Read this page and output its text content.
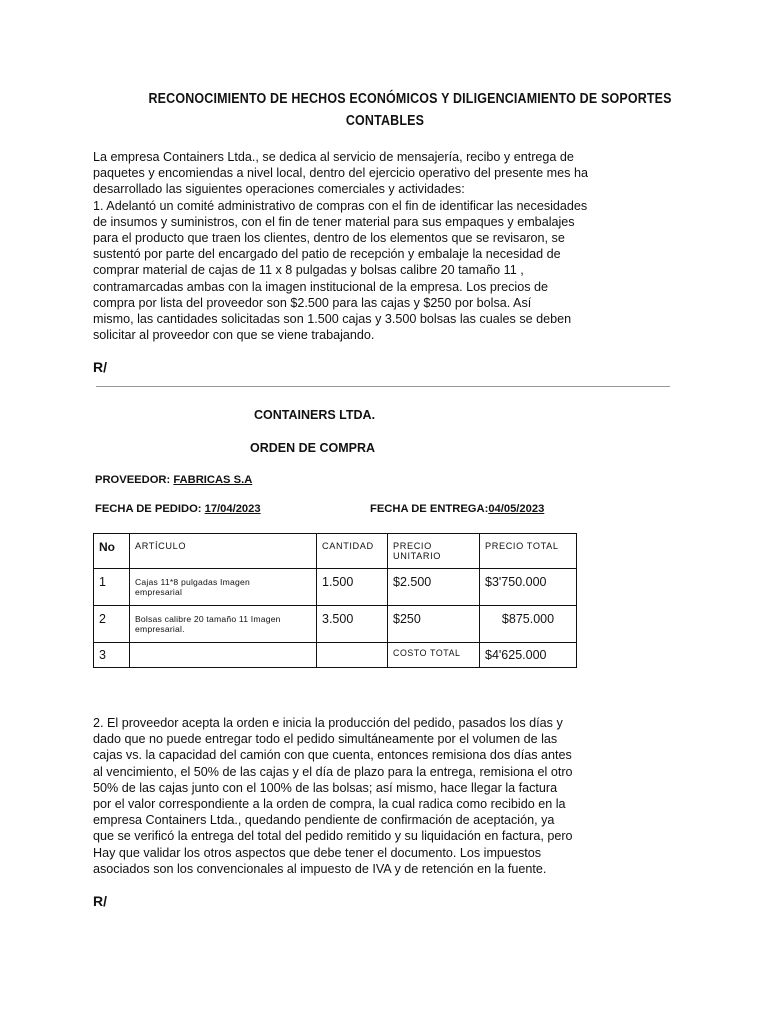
RECONOCIMIENTO DE HECHOS ECONÓMICOS Y DILIGENCIAMIENTO DE SOPORTES
CONTABLES
La empresa Containers Ltda., se dedica al servicio de mensajería, recibo y entrega de
paquetes y encomiendas a nivel local, dentro del ejercicio operativo del presente mes ha
desarrollado las siguientes operaciones comerciales y actividades:
1. Adelantó un comité administrativo de compras con el fin de identificar las necesidades
de insumos y suministros, con el fin de tener material para sus empaques y embalajes
para el producto que traen los clientes, dentro de los elementos que se revisaron, se
sustentó por parte del encargado del patio de recepción y embalaje la necesidad de
comprar material de cajas de 11 x 8 pulgadas y bolsas calibre 20 tamaño 11 ,
contramarcadas ambas con la imagen institucional de la empresa. Los precios de
compra por lista del proveedor son $2.500 para las cajas y $250 por bolsa. Así
mismo, las cantidades solicitadas son 1.500 cajas y 3.500 bolsas las cuales se deben
solicitar al proveedor con que se viene trabajando.
R/
CONTAINERS LTDA.
ORDEN DE COMPRA
PROVEEDOR: FABRICAS S.A
FECHA DE PEDIDO: 17/04/2023	FECHA DE ENTREGA:04/05/2023
No	ARTÍCULO	CANTIDAD	PRECIO
UNITARIO	PRECIO TOTAL
1	Cajas 11*8 pulgadas Imagen
empresarial	1.500	$2.500	$3'750.000
2	Bolsas calibre 20 tamaño 11 Imagen
empresarial.	3.500	$250	$875.000
3			COSTO TOTAL	$4'625.000
2. El proveedor acepta la orden e inicia la producción del pedido, pasados los días y
dado que no puede entregar todo el pedido simultáneamente por el volumen de las
cajas vs. la capacidad del camión con que cuenta, entonces remisiona dos días antes
al vencimiento, el 50% de las cajas y el día de plazo para la entrega, remisiona el otro
50% de las cajas junto con el 100% de las bolsas; así mismo, hace llegar la factura
por el valor correspondiente a la orden de compra, la cual radica como recibido en la
empresa Containers Ltda., quedando pendiente de confirmación de aceptación, ya
que se verificó la entrega del total del pedido remitido y su liquidación en factura, pero
Hay que validar los otros aspectos que debe tener el documento. Los impuestos
asociados son los convencionales al impuesto de IVA y de retención en la fuente.
R/
